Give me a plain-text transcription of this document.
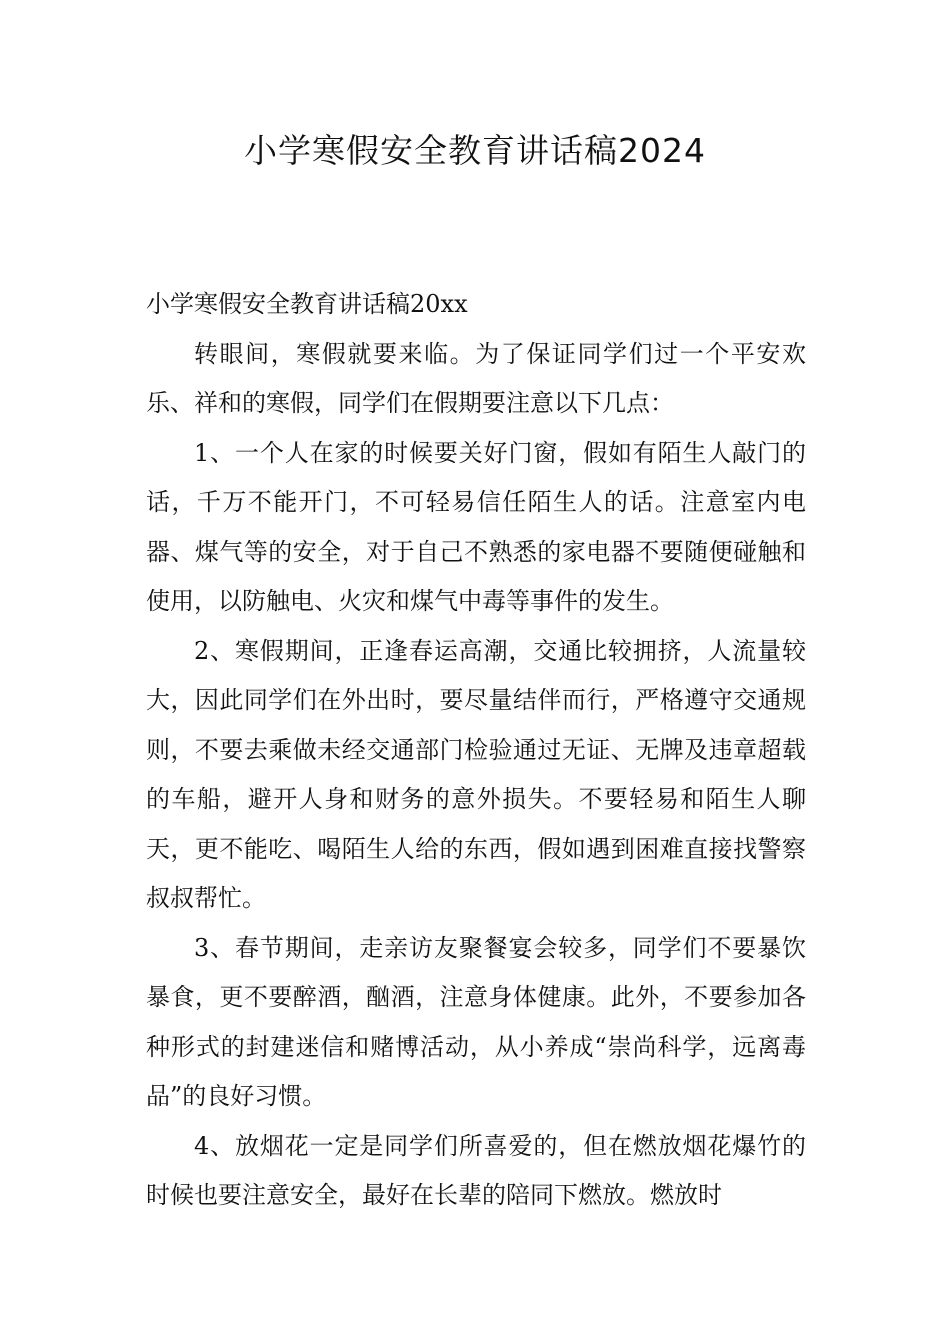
小学寒假安全教育讲话稿2024

小学寒假安全教育讲话稿20xx

转眼间，寒假就要来临。为了保证同学们过一个平安欢乐、祥和的寒假，同学们在假期要注意以下几点：

1、一个人在家的时候要关好门窗，假如有陌生人敲门的话，千万不能开门，不可轻易信任陌生人的话。注意室内电器、煤气等的安全，对于自己不熟悉的家电器不要随便碰触和使用，以防触电、火灾和煤气中毒等事件的发生。

2、寒假期间，正逢春运高潮，交通比较拥挤，人流量较大，因此同学们在外出时，要尽量结伴而行，严格遵守交通规则，不要去乘做未经交通部门检验通过无证、无牌及违章超载的车船，避开人身和财务的意外损失。不要轻易和陌生人聊天，更不能吃、喝陌生人给的东西，假如遇到困难直接找警察叔叔帮忙。

3、春节期间，走亲访友聚餐宴会较多，同学们不要暴饮暴食，更不要醉酒，酗酒，注意身体健康。此外，不要参加各种形式的封建迷信和赌博活动，从小养成“崇尚科学，远离毒品”的良好习惯。

4、放烟花一定是同学们所喜爱的，但在燃放烟花爆竹的时候也要注意安全，最好在长辈的陪同下燃放。燃放时
